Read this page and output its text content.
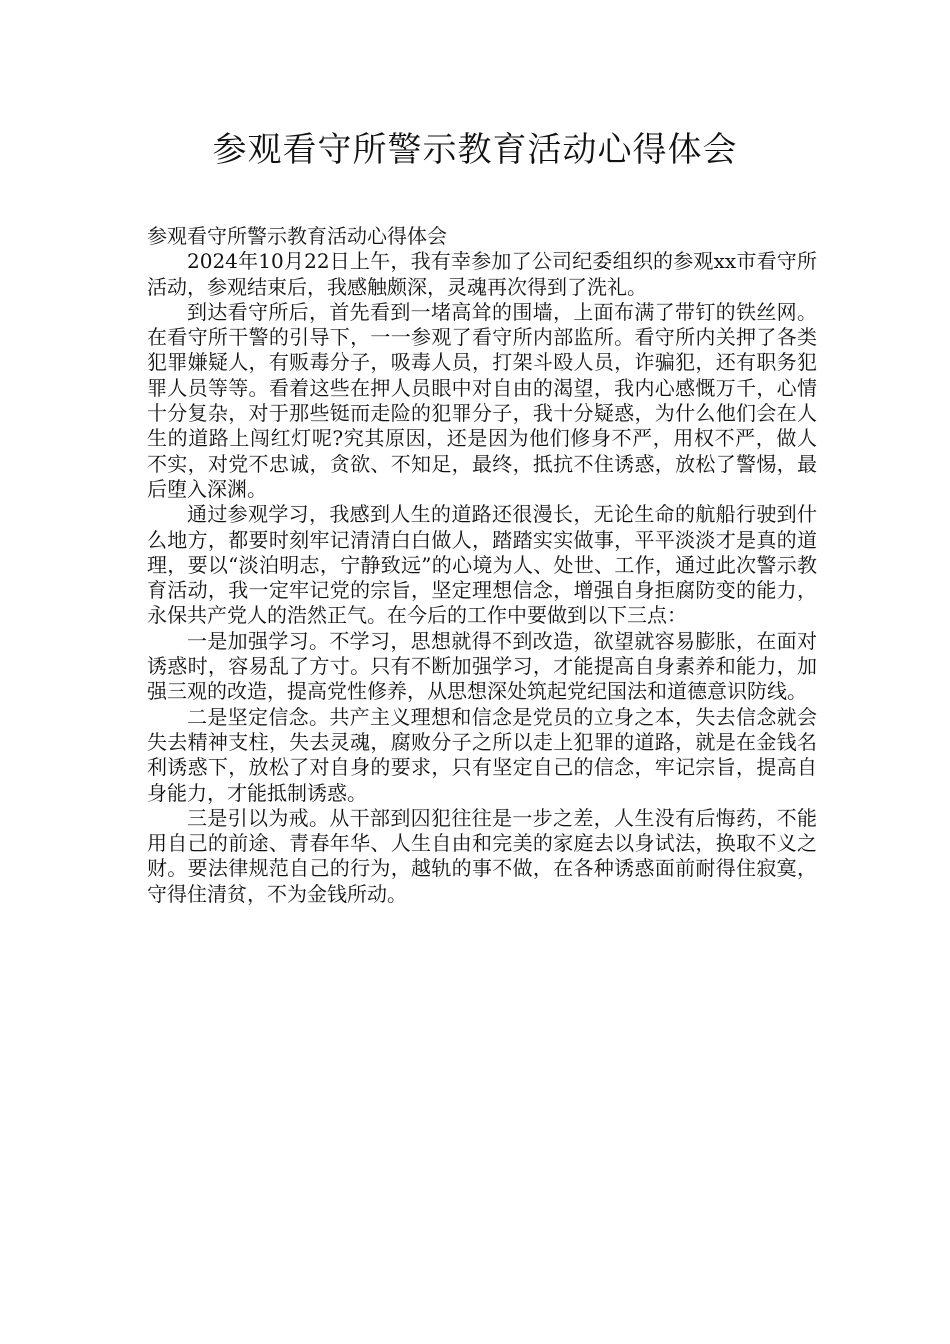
参观看守所警示教育活动心得体会

参观看守所警示教育活动心得体会

2024年10月22日上午，我有幸参加了公司纪委组织的参观xx市看守所活动，参观结束后，我感触颇深，灵魂再次得到了洗礼。

到达看守所后，首先看到一堵高耸的围墙，上面布满了带钉的铁丝网。在看守所干警的引导下，一一参观了看守所内部监所。看守所内关押了各类犯罪嫌疑人，有贩毒分子，吸毒人员，打架斗殴人员，诈骗犯，还有职务犯罪人员等等。看着这些在押人员眼中对自由的渴望，我内心感慨万千，心情十分复杂，对于那些铤而走险的犯罪分子，我十分疑惑，为什么他们会在人生的道路上闯红灯呢?究其原因，还是因为他们修身不严，用权不严，做人不实，对党不忠诚，贪欲、不知足，最终，抵抗不住诱惑，放松了警惕，最后堕入深渊。

通过参观学习，我感到人生的道路还很漫长，无论生命的航船行驶到什么地方，都要时刻牢记清清白白做人，踏踏实实做事，平平淡淡才是真的道理，要以“淡泊明志，宁静致远”的心境为人、处世、工作，通过此次警示教育活动，我一定牢记党的宗旨，坚定理想信念，增强自身拒腐防变的能力，永保共产党人的浩然正气。在今后的工作中要做到以下三点：

一是加强学习。不学习，思想就得不到改造，欲望就容易膨胀，在面对诱惑时，容易乱了方寸。只有不断加强学习，才能提高自身素养和能力，加强三观的改造，提高党性修养，从思想深处筑起党纪国法和道德意识防线。

二是坚定信念。共产主义理想和信念是党员的立身之本，失去信念就会失去精神支柱，失去灵魂，腐败分子之所以走上犯罪的道路，就是在金钱名利诱惑下，放松了对自身的要求，只有坚定自己的信念，牢记宗旨，提高自身能力，才能抵制诱惑。

三是引以为戒。从干部到囚犯往往是一步之差，人生没有后悔药，不能用自己的前途、青春年华、人生自由和完美的家庭去以身试法，换取不义之财。要法律规范自己的行为，越轨的事不做，在各种诱惑面前耐得住寂寞，守得住清贫，不为金钱所动。
